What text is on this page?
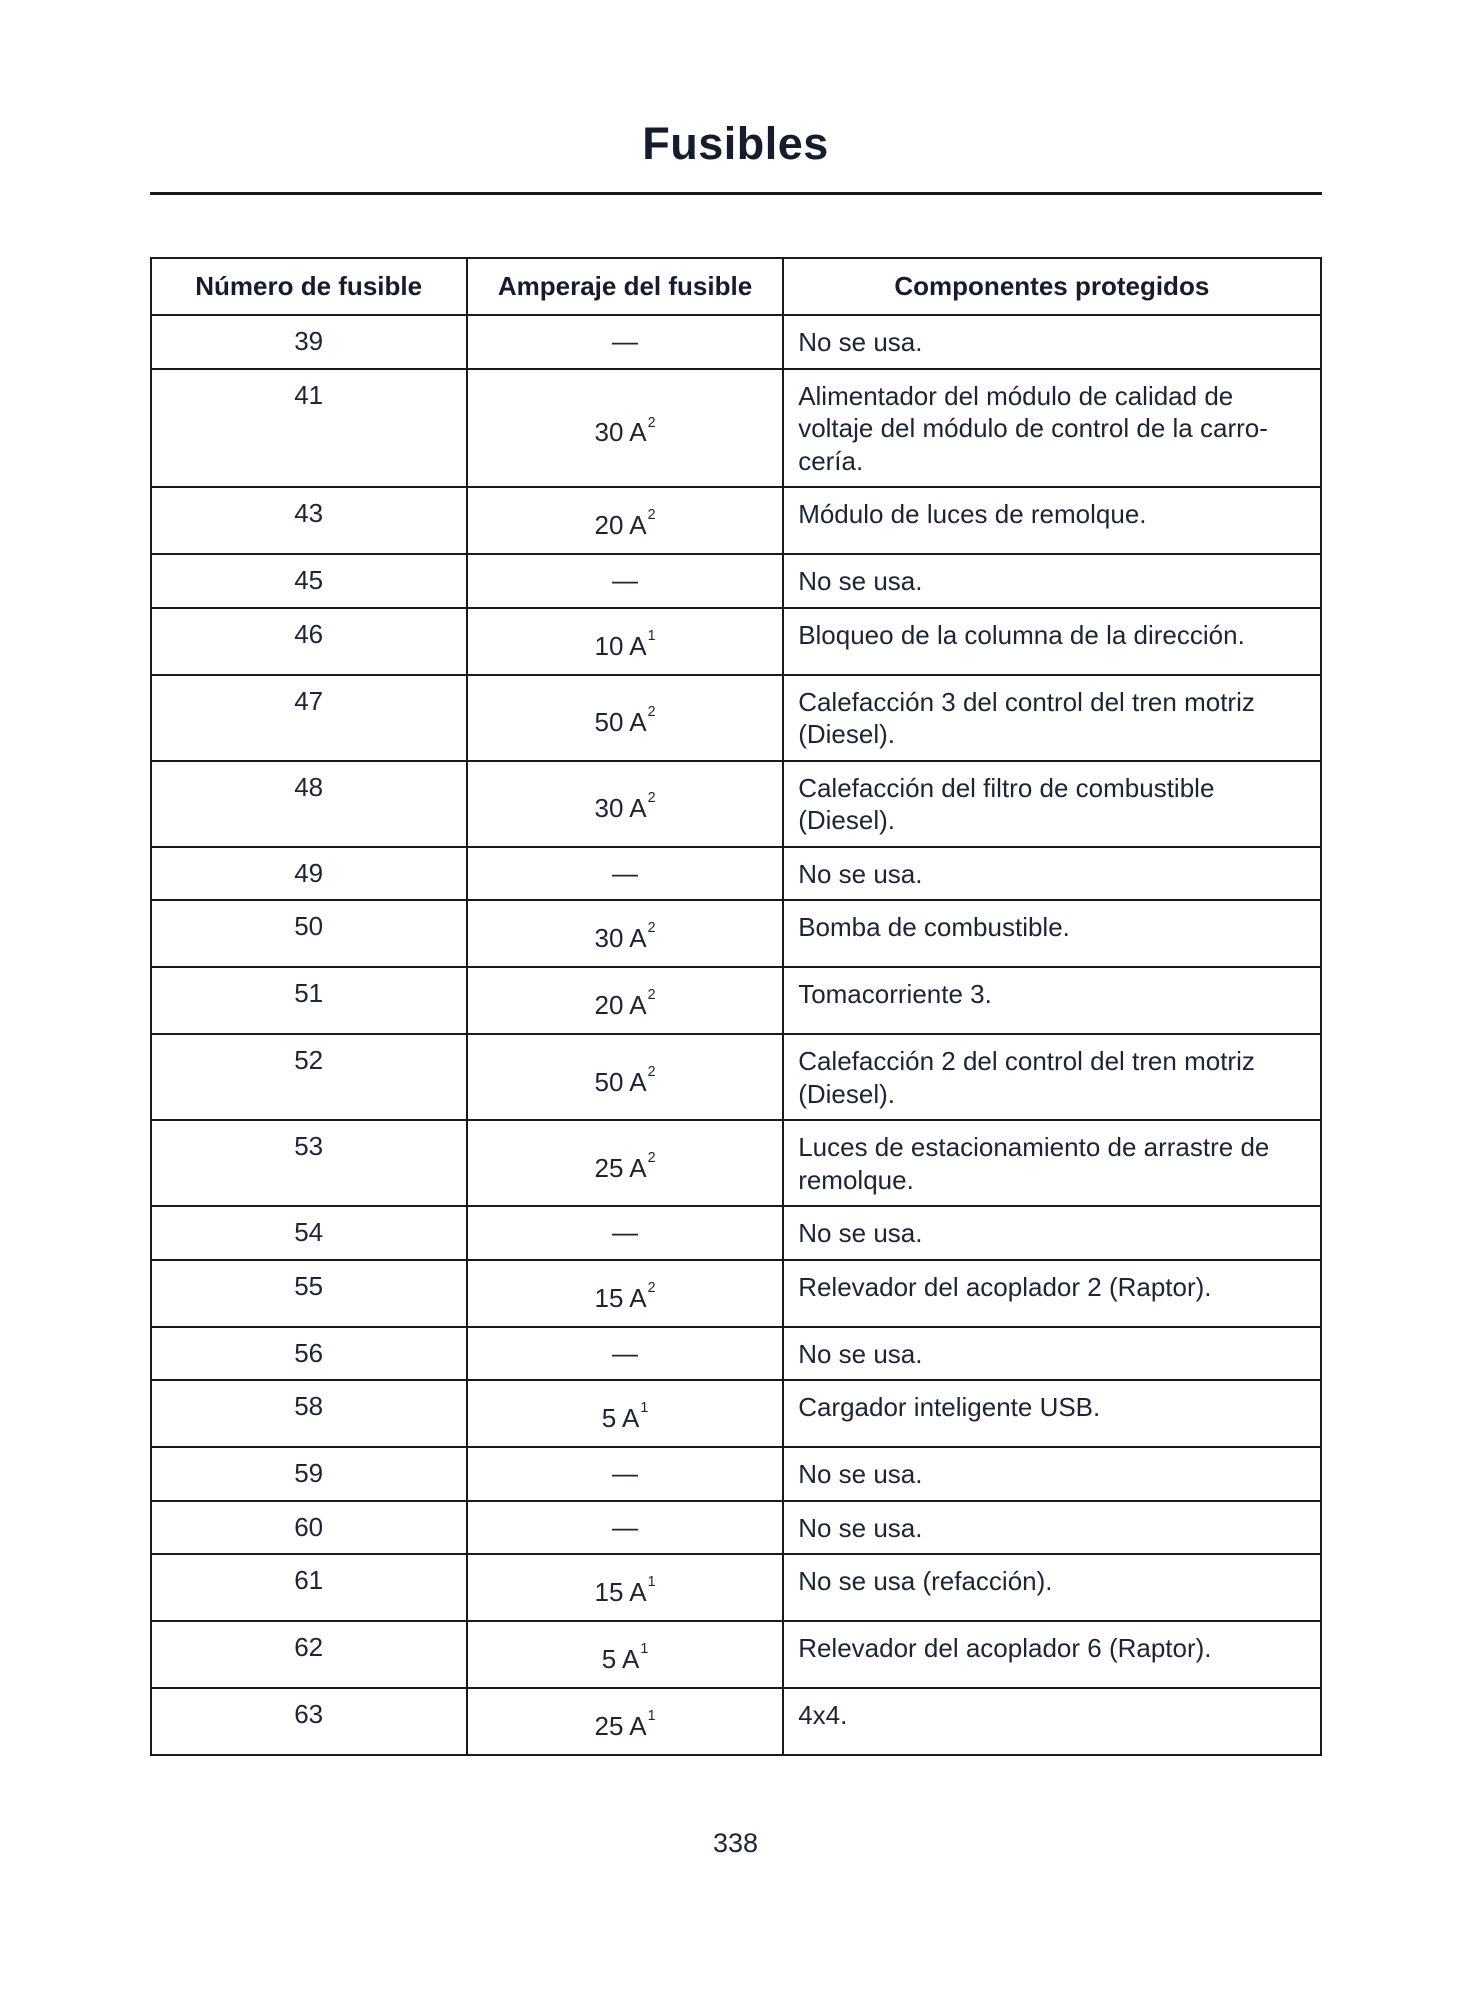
Fusibles
Número de fusible	Amperaje del fusible	Componentes protegidos
39	—	No se usa.
41	30 $A^2$	Alimentador del módulo de calidad de voltaje del módulo de control de la carrocería.
43	20 $A^2$	Módulo de luces de remolque.
45	—	No se usa.
46	10 $A^1$	Bloqueo de la columna de la dirección.
47	50 $A^2$	Calefacción 3 del control del tren motriz (Diesel).
48	30 $A^2$	Calefacción del filtro de combustible (Diesel).
49	—	No se usa.
50	30 $A^2$	Bomba de combustible.
51	20 $A^2$	Tomacorriente 3.
52	50 $A^2$	Calefacción 2 del control del tren motriz (Diesel).
53	25 $A^2$	Luces de estacionamiento de arrastre de remolque.
54	—	No se usa.
55	15 $A^2$	Relevador del acoplador 2 (Raptor).
56	—	No se usa.
58	5 $A^1$	Cargador inteligente USB.
59	—	No se usa.
60	—	No se usa.
61	15 $A^1$	No se usa (refacción).
62	5 $A^1$	Relevador del acoplador 6 (Raptor).
63	25 $A^1$	4x4.
338
